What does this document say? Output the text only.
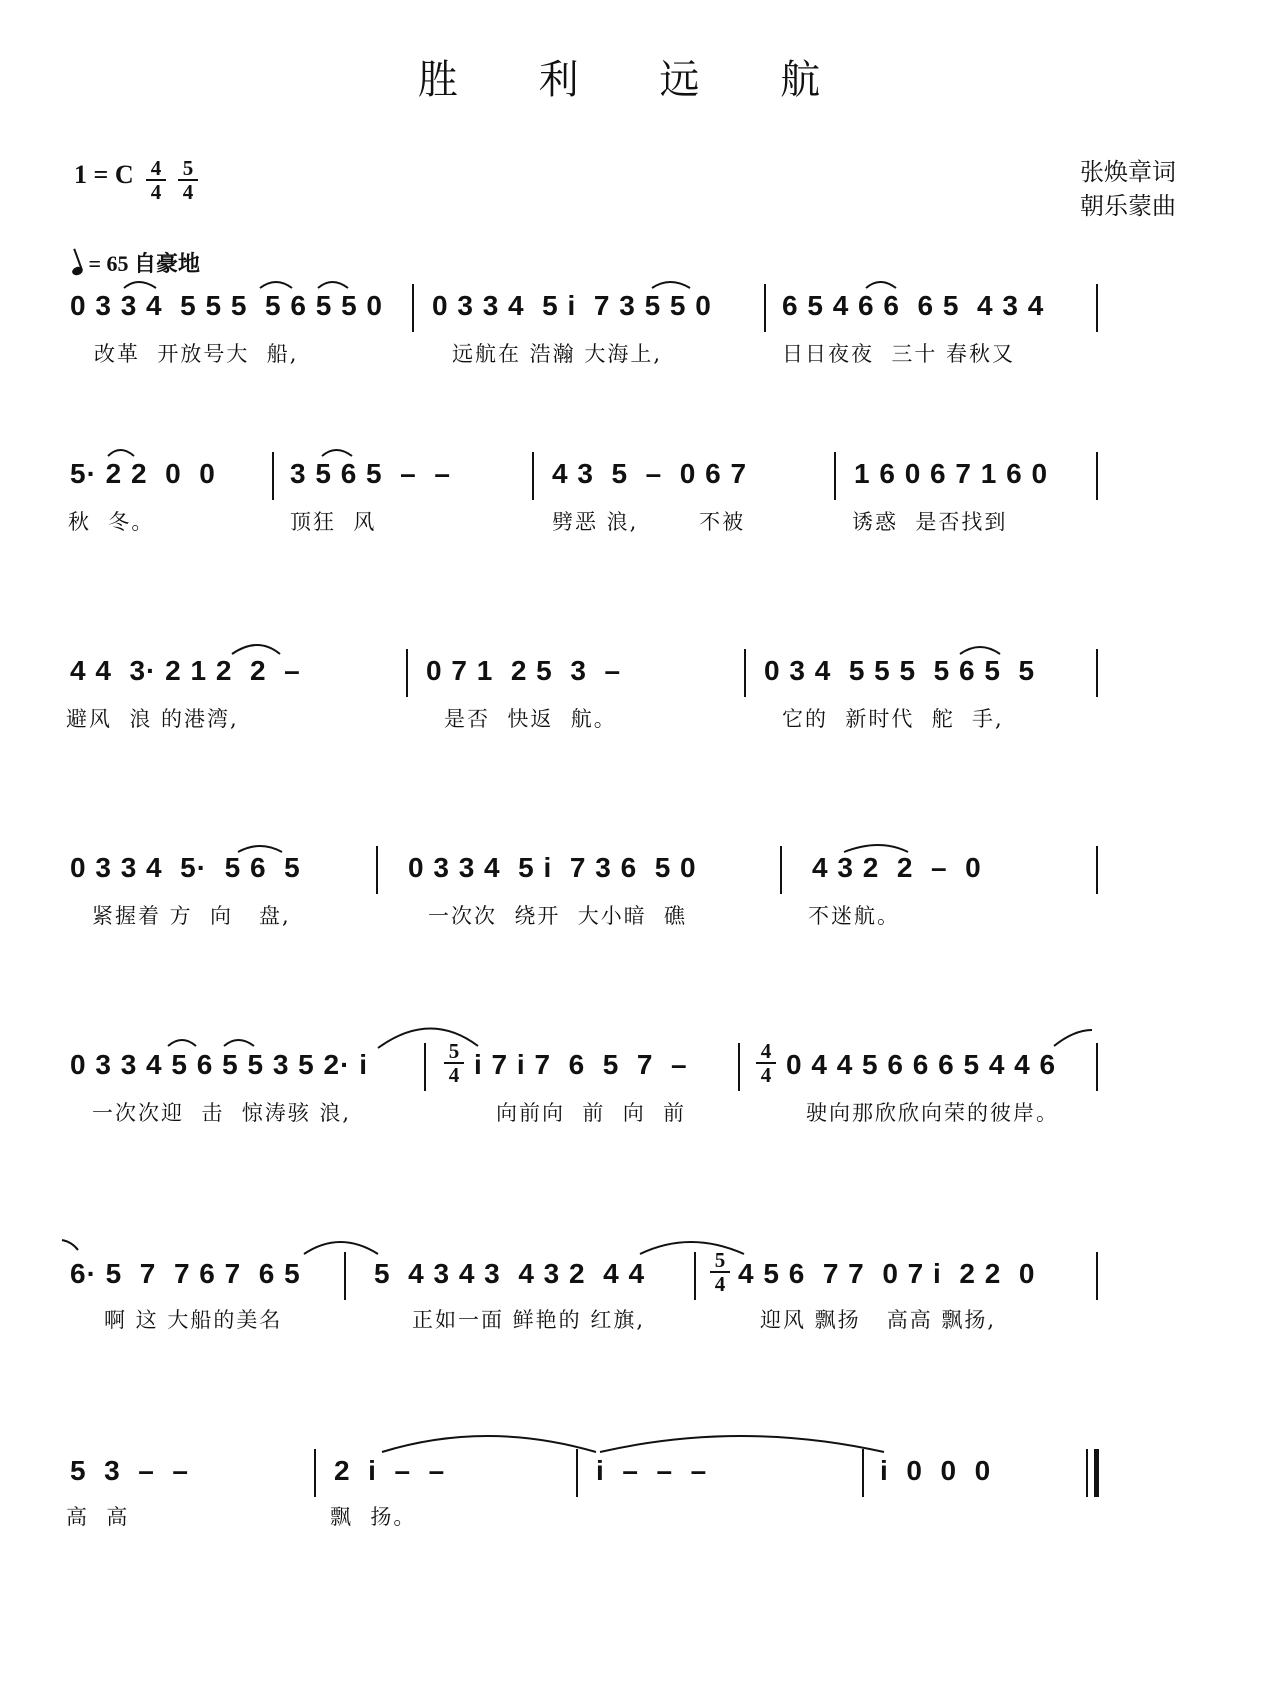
胜 利 远 航
1 = C 4
4
5
4
张焕章词
朝乐蒙曲
= 65 自豪地
0 3 3 4  5 5 5  5 6 5 5 0
改革  开放号大  船,
0 3 3 4  5 i  7 3 5 5 0
远航在 浩瀚 大海上,
6 5 4 6 6  6 5  4 3 4
日日夜夜  三十 春秋又
5· 2 2  0  0
秋  冬。
3 5 6 5  –  –
顶狂  风
4 3  5  –  0 6 7
劈恶 浪,       不被
1 6 0 6 7 1 6 0
诱惑  是否找到
4 4  3· 2 1 2  2  –
避风  浪 的港湾,
0 7 1  2 5  3  –
是否  快返  航。
0 3 4  5 5 5  5 6 5  5
它的  新时代  舵  手,
0 3 3 4  5·  5 6  5
紧握着 方  向   盘,
0 3 3 4  5 i  7 3 6  5 0
一次次  绕开  大小暗  礁
4 3 2  2  –  0
不迷航。
0 3 3 4 5 6 5 5 3 5 2· i
一次次迎  击  惊涛骇 浪,
5
4 i 7 i 7  6  5  7  –
向前向  前  向  前
4
4 0 4 4 5 6 6 6 5 4 4 6
驶向那欣欣向荣的彼岸。
6· 5  7  7 6 7  6 5
啊 这 大船的美名
5  4 3 4 3  4 3 2  4 4
正如一面 鲜艳的 红旗,
5
4 4 5 6  7 7  0 7 i  2 2  0
迎风 飘扬   高高 飘扬,
5  3  –  –
高  高
2  i  –  –
飘  扬。
i  –  –  –	i  0  0  0
